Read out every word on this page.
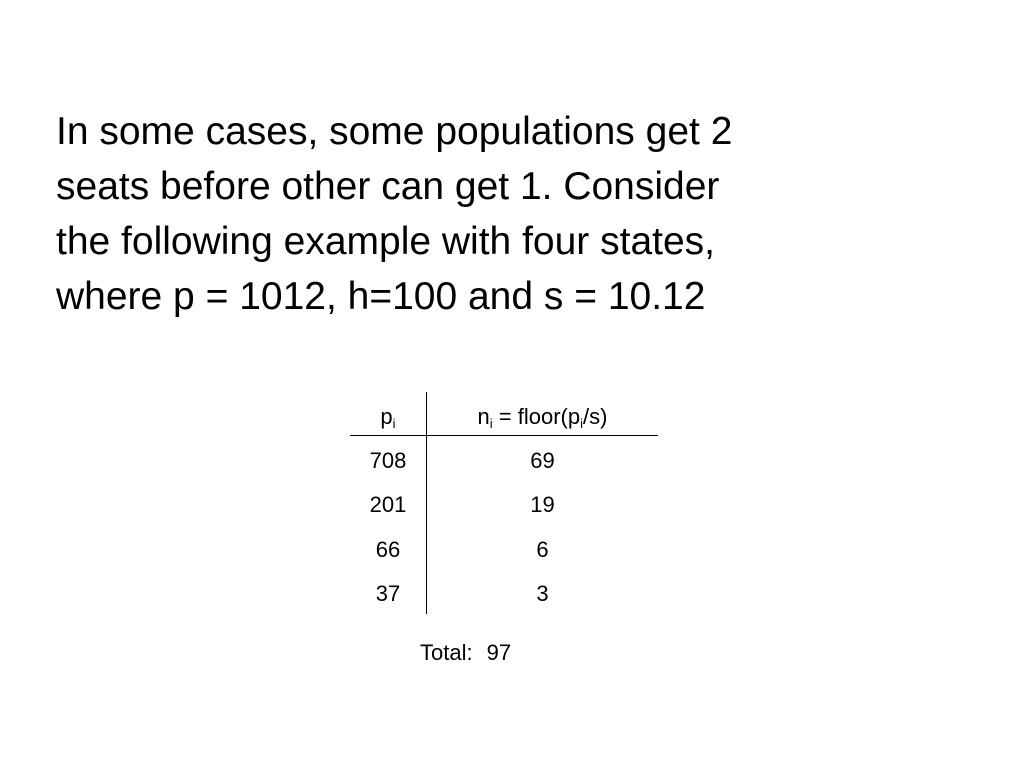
In some cases, some populations get 2
seats before other can get 1. Consider
the following example with four states,
where p = 1012, h=100 and s = 10.12

$p_i$	$n_i$ = $floor(p_i/s)$
708	69
201	19
66	6
37	3
Total: 97
